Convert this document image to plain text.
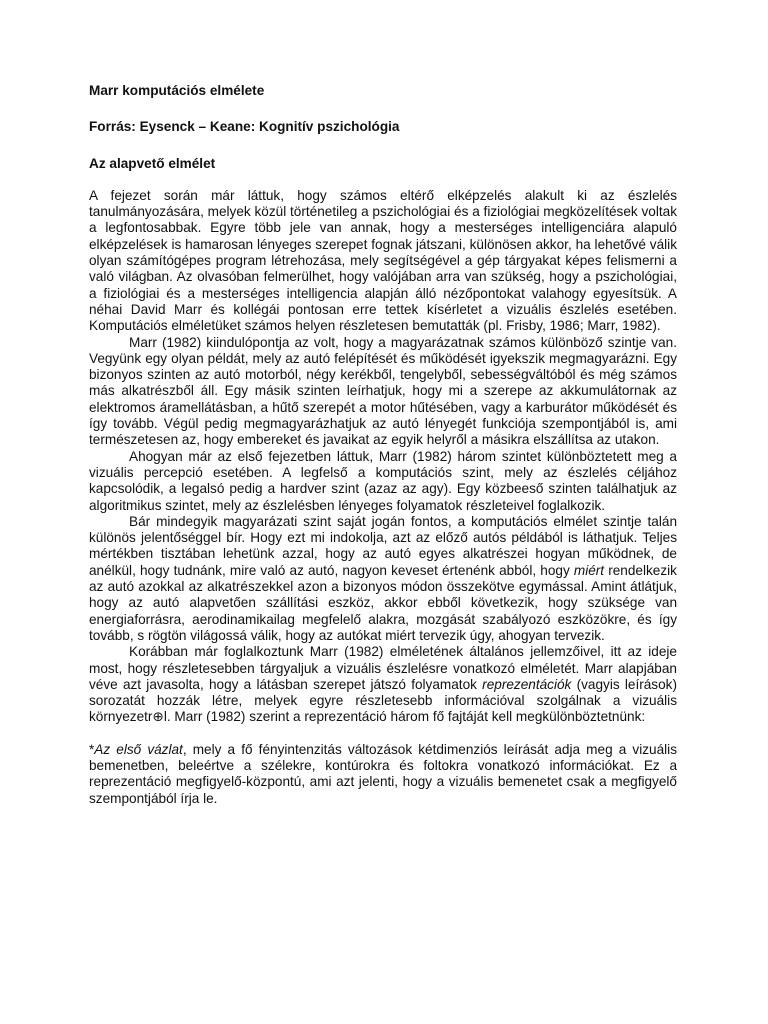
Marr komputációs elmélete

Forrás: Eysenck – Keane: Kognitív pszichológia

Az alapvető elmélet

A fejezet során már láttuk, hogy számos eltérő elképzelés alakult ki az észlelés tanulmányozására, melyek közül történetileg a pszichológiai és a fiziológiai megközelítések voltak a legfontosabbak. Egyre több jele van annak, hogy a mesterséges intelligenciára alapuló elképzelések is hamarosan lényeges szerepet fognak játszani, különösen akkor, ha lehetővé válik olyan számítógépes program létrehozása, mely segítségével a gép tárgyakat képes felismerni a való világban. Az olvasóban felmerülhet, hogy valójában arra van szükség, hogy a pszichológiai, a fiziológiai és a mesterséges intelligencia alapján álló nézőpontokat valahogy egyesítsük. A néhai David Marr és kollégái pontosan erre tettek kísérletet a vizuális észlelés esetében. Komputációs elméletüket számos helyen részletesen bemutatták (pl. Frisby, 1986; Marr, 1982).

Marr (1982) kiindulópontja az volt, hogy a magyarázatnak számos különböző szintje van. Vegyünk egy olyan példát, mely az autó felépítését és működését igyekszik megmagyarázni. Egy bizonyos szinten az autó motorból, négy kerékből, tengelyből, sebességváltóból és még számos más alkatrészből áll. Egy másik szinten leírhatjuk, hogy mi a szerepe az akkumulátornak az elektromos áramellátásban, a hűtő szerepét a motor hűtésében, vagy a karburátor működését és így tovább. Végül pedig megmagyarázhatjuk az autó lényegét funkciója szempontjából is, ami természetesen az, hogy embereket és javaikat az egyik helyről a másikra elszállítsa az utakon.

Ahogyan már az első fejezetben láttuk, Marr (1982) három szintet különböztetett meg a vizuális percepció esetében. A legfelső a komputációs szint, mely az észlelés céljához kapcsolódik, a legalsó pedig a hardver szint (azaz az agy). Egy közbeeső szinten találhatjuk az algoritmikus szintet, mely az észlelésben lényeges folyamatok részleteivel foglalkozik.

Bár mindegyik magyarázati szint saját jogán fontos, a komputációs elmélet szintje talán különös jelentőséggel bír. Hogy ezt mi indokolja, azt az előző autós példából is láthatjuk. Teljes mértékben tisztában lehetünk azzal, hogy az autó egyes alkatrészei hogyan működnek, de anélkül, hogy tudnánk, mire való az autó, nagyon keveset értenénk abból, hogy miért rendelkezik az autó azokkal az alkatrészekkel azon a bizonyos módon összekötve egymással. Amint átlátjuk, hogy az autó alapvetően szállítási eszköz, akkor ebből következik, hogy szüksége van energiaforrásra, aerodinamikailag megfelelő alakra, mozgását szabályozó eszközökre, és így tovább, s rögtön világossá válik, hogy az autókat miért tervezik úgy, ahogyan tervezik.

Korábban már foglalkoztunk Marr (1982) elméletének általános jellemzőivel, itt az ideje most, hogy részletesebben tárgyaljuk a vizuális észlelésre vonatkozó elméletét. Marr alapjában véve azt javasolta, hogy a látásban szerepet játszó folyamatok reprezentációk (vagyis leírások) sorozatát hozzák létre, melyek egyre részletesebb információval szolgálnak a vizuális környezetr⊕l. Marr (1982) szerint a reprezentáció három fő fajtáját kell megkülönböztetnünk:

*Az első vázlat, mely a fő fényintenzitás változások kétdimenziós leírását adja meg a vizuális bemenetben, beleértve a szélekre, kontúrokra és foltokra vonatkozó információkat. Ez a reprezentáció megfigyelő-központú, ami azt jelenti, hogy a vizuális bemenetet csak a megfigyelő szempontjából írja le.
